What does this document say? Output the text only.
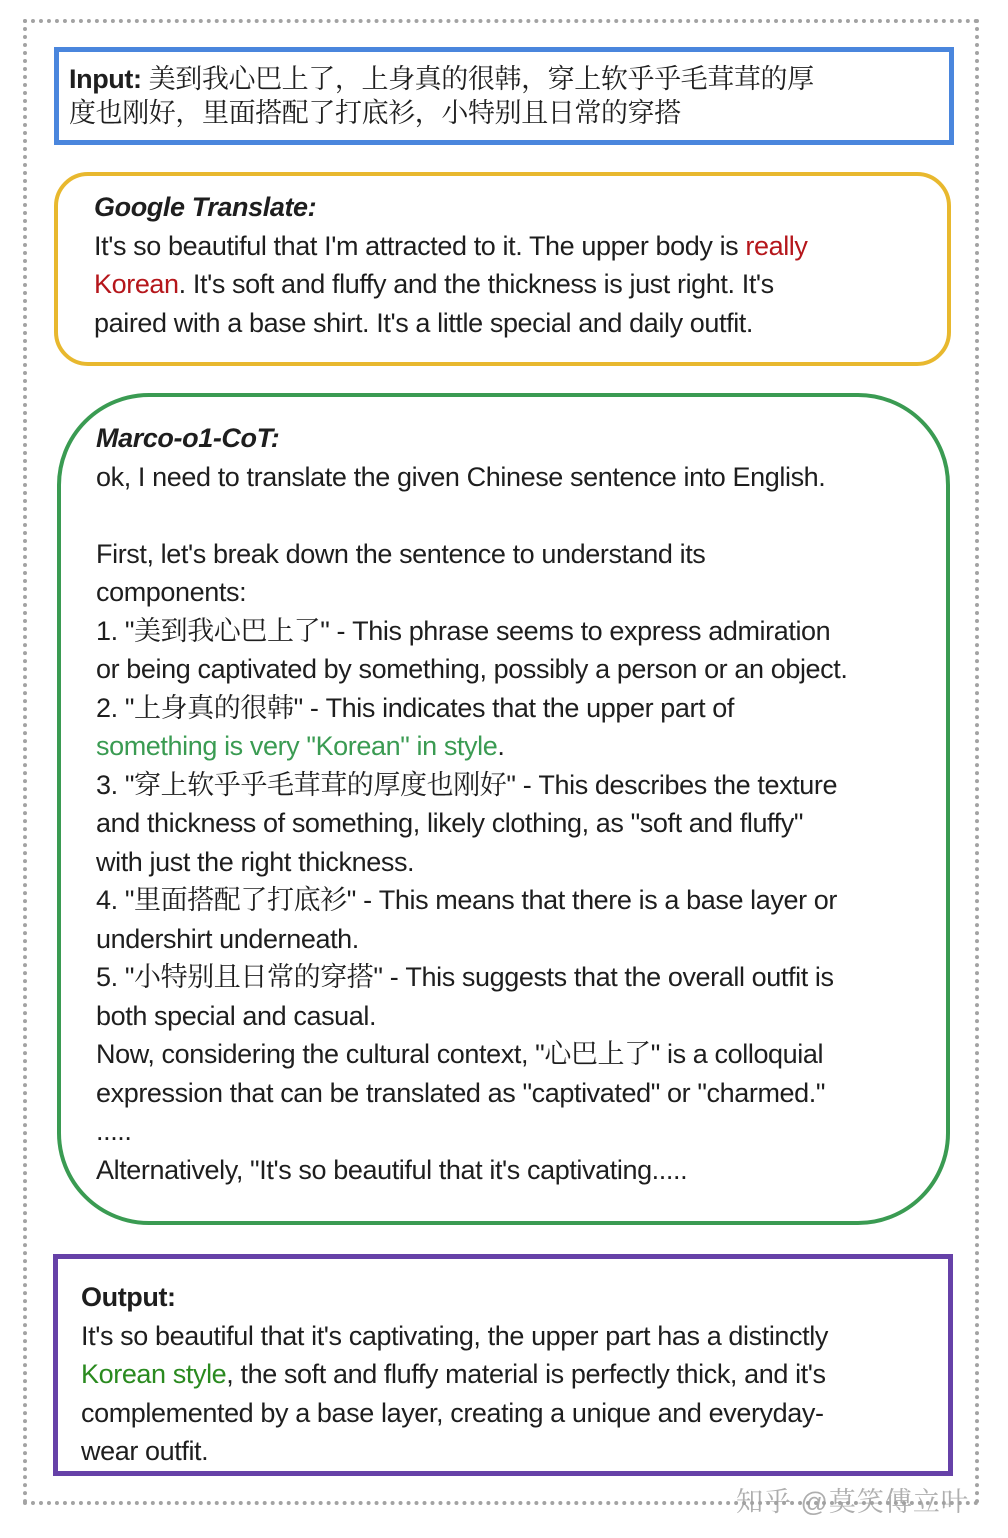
Input: 美到我心巴上了，上身真的很韩，穿上软乎乎毛茸茸的厚
度也刚好，里面搭配了打底衫，小特别且日常的穿搭
Google Translate:
It's so beautiful that I'm attracted to it. The upper body is really
Korean. It's soft and fluffy and the thickness is just right. It's
paired with a base shirt. It's a little special and daily outfit.
Marco-o1-CoT:
ok, I need to translate the given Chinese sentence into English.
First, let's break down the sentence to understand its
components:
1. "美到我心巴上了" - This phrase seems to express admiration
or being captivated by something, possibly a person or an object.
2. "上身真的很韩" - This indicates that the upper part of
something is very "Korean" in style.
3. "穿上软乎乎毛茸茸的厚度也刚好" - This describes the texture
and thickness of something, likely clothing, as "soft and fluffy"
with just the right thickness.
4. "里面搭配了打底衫" - This means that there is a base layer or
undershirt underneath.
5. "小特别且日常的穿搭" - This suggests that the overall outfit is
both special and casual.
Now, considering the cultural context, "心巴上了" is a colloquial
expression that can be translated as "captivated" or "charmed."
.....
Alternatively, "It's so beautiful that it's captivating.....
Output:
It's so beautiful that it's captivating, the upper part has a distinctly
Korean style, the soft and fluffy material is perfectly thick, and it's
complemented by a base layer, creating a unique and everyday-
wear outfit.
知乎 @莫笑傅立叶
